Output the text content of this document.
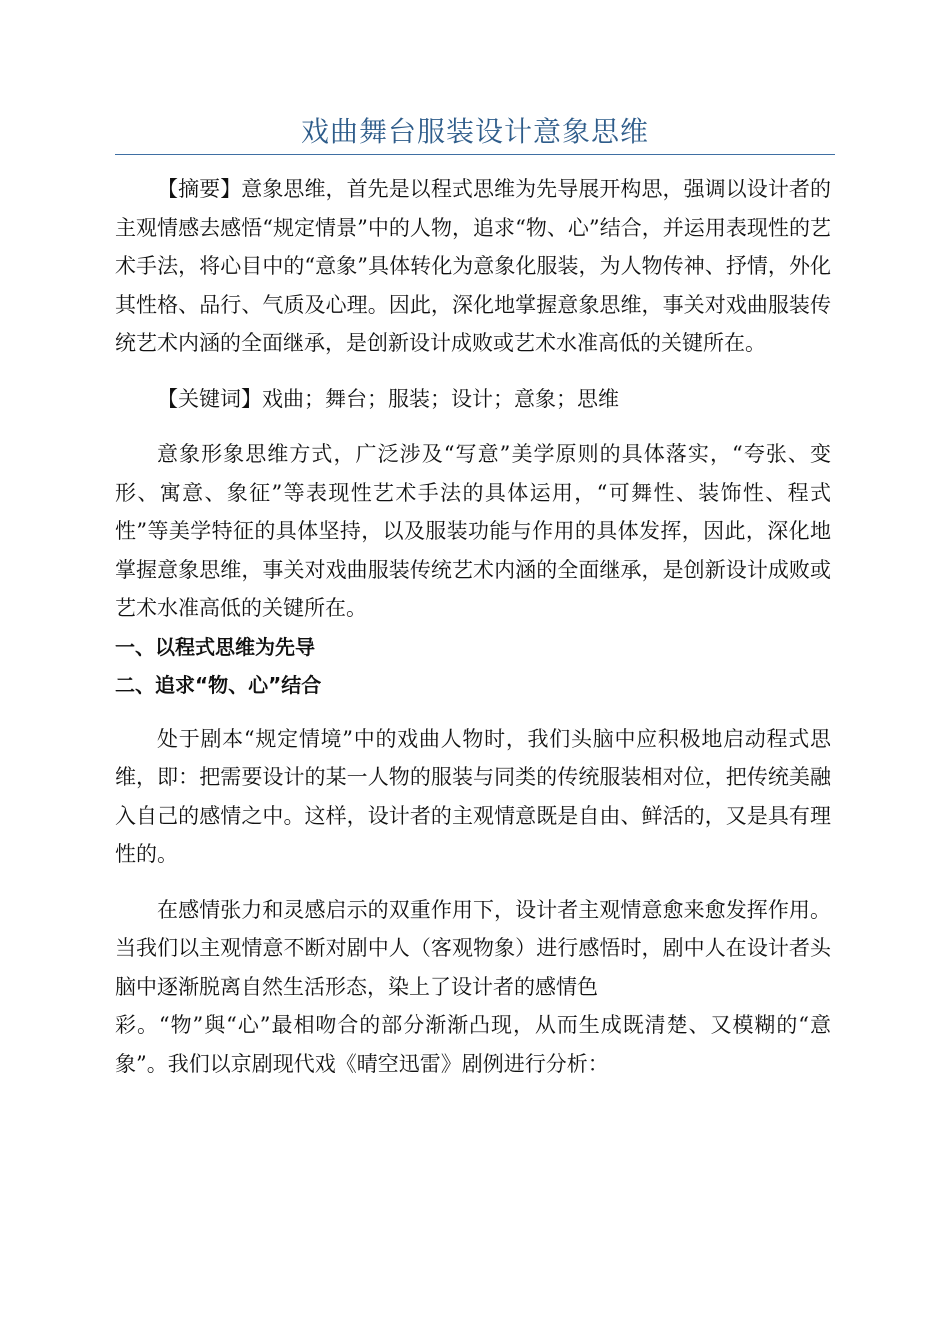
戏曲舞台服装设计意象思维

【摘要】意象思维，首先是以程式思维为先导展开构思，强调以设计者的主观情感去感悟“规定情景”中的人物，追求“物、心”结合，并运用表现性的艺术手法，将心目中的“意象”具体转化为意象化服装，为人物传神、抒情，外化其性格、品行、气质及心理。因此，深化地掌握意象思维，事关对戏曲服装传统艺术内涵的全面继承，是创新设计成败或艺术水准高低的关键所在。

【关键词】戏曲；舞台；服装；设计；意象；思维

意象形象思维方式，广泛涉及“写意”美学原则的具体落实，“夸张、变形、寓意、象征”等表现性艺术手法的具体运用，“可舞性、装饰性、程式性”等美学特征的具体坚持，以及服装功能与作用的具体发挥，因此，深化地掌握意象思维，事关对戏曲服装传统艺术内涵的全面继承，是创新设计成败或艺术水准高低的关键所在。

一、以程式思维为先导

二、追求“物、心”结合

处于剧本“规定情境”中的戏曲人物时，我们头脑中应积极地启动程式思维，即：把需要设计的某一人物的服装与同类的传统服装相对位，把传统美融入自己的感情之中。这样，设计者的主观情意既是自由、鲜活的，又是具有理性的。

在感情张力和灵感启示的双重作用下，设计者主观情意愈来愈发挥作用。当我们以主观情意不断对剧中人（客观物象）进行感悟时，剧中人在设计者头脑中逐渐脱离自然生活形态，染上了设计者的感情色

彩。“物”與“心”最相吻合的部分渐渐凸现，从而生成既清楚、又模糊的“意象”。我们以京剧现代戏《晴空迅雷》剧例进行分析：
